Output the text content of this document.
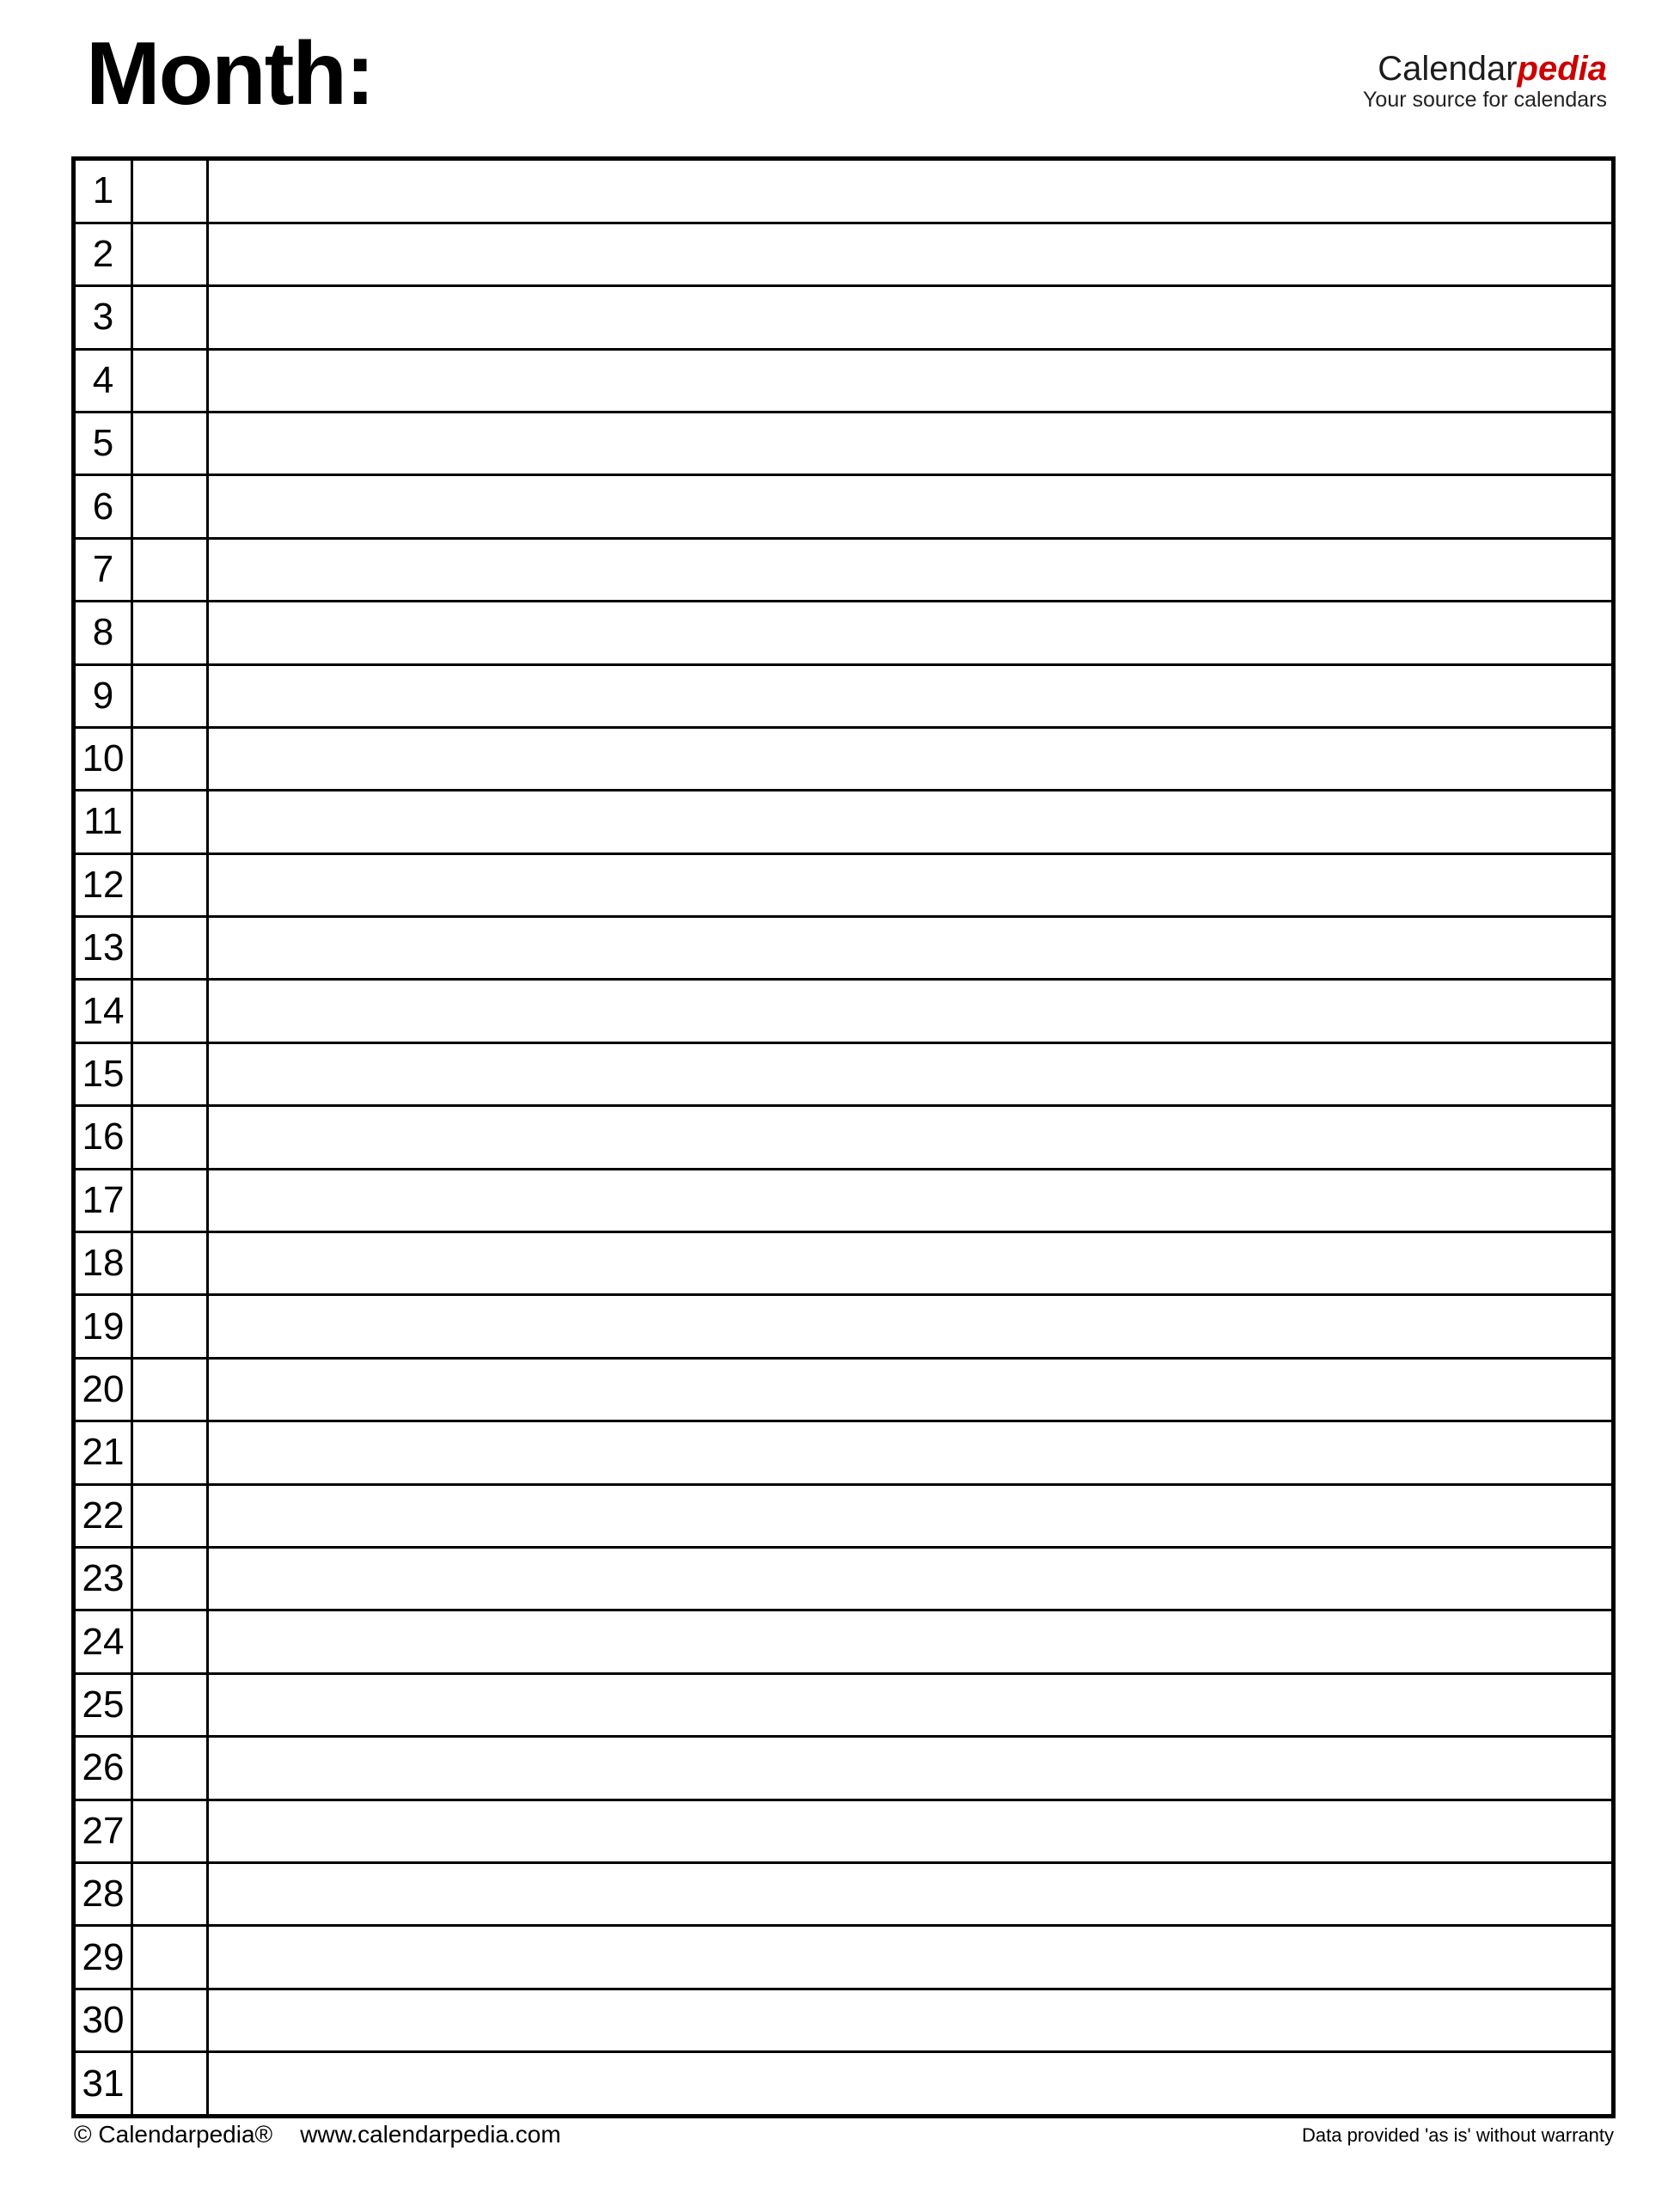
Month:	Calendarpedia
Your source for calendars
1		
2		
3		
4		
5		
6		
7		
8		
9		
10		
11		
12		
13		
14		
15		
16		
17		
18		
19		
20		
21		
22		
23		
24		
25		
26		
27		
28		
29		
30		
31		
© Calendarpedia® www.calendarpedia.com	Data provided 'as is' without warranty
